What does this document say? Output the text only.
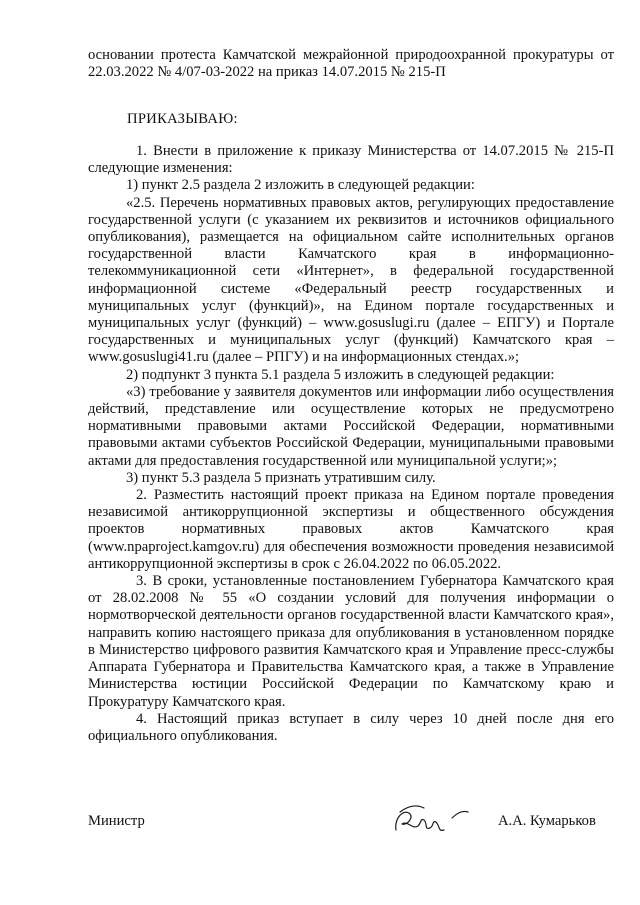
основании протеста Камчатской межрайонной природоохранной прокуратуры от 22.03.2022 № 4/07-03-2022 на приказ 14.07.2015 № 215-П

ПРИКАЗЫВАЮ:

1. Внести в приложение к приказу Министерства от 14.07.2015 № 215-П следующие изменения:

1) пункт 2.5 раздела 2 изложить в следующей редакции:

«2.5. Перечень нормативных правовых актов, регулирующих предоставление государственной услуги (с указанием их реквизитов и источников официального опубликования), размещается на официальном сайте исполнительных органов государственной власти Камчатского края в информационно-телекоммуникационной сети «Интернет», в федеральной государственной информационной системе «Федеральный реестр государственных и муниципальных услуг (функций)», на Едином портале государственных и муниципальных услуг (функций) – www.gosuslugi.ru (далее – ЕПГУ) и Портале государственных и муниципальных услуг (функций) Камчатского края – www.gosuslugi41.ru (далее – РПГУ) и на информационных стендах.»;

2) подпункт 3 пункта 5.1 раздела 5 изложить в следующей редакции:

«3) требование у заявителя документов или информации либо осуществления действий, представление или осуществление которых не предусмотрено нормативными правовыми актами Российской Федерации, нормативными правовыми актами субъектов Российской Федерации, муниципальными правовыми актами для предоставления государственной или муниципальной услуги;»;

3) пункт 5.3 раздела 5 признать утратившим силу.

2. Разместить настоящий проект приказа на Едином портале проведения независимой антикоррупционной экспертизы и общественного обсуждения проектов нормативных правовых актов Камчатского края (www.npaproject.kamgov.ru) для обеспечения возможности проведения независимой антикоррупционной экспертизы в срок с 26.04.2022 по 06.05.2022.

3. В сроки, установленные постановлением Губернатора Камчатского края от 28.02.2008 № 55 «О создании условий для получения информации о нормотворческой деятельности органов государственной власти Камчатского края», направить копию настоящего приказа для опубликования в установленном порядке в Министерство цифрового развития Камчатского края и Управление пресс-службы Аппарата Губернатора и Правительства Камчатского края, а также в Управление Министерства юстиции Российской Федерации по Камчатскому краю и Прокуратуру Камчатского края.

4. Настоящий приказ вступает в силу через 10 дней после дня его официального опубликования.

Министр	А.А. Кумарьков
